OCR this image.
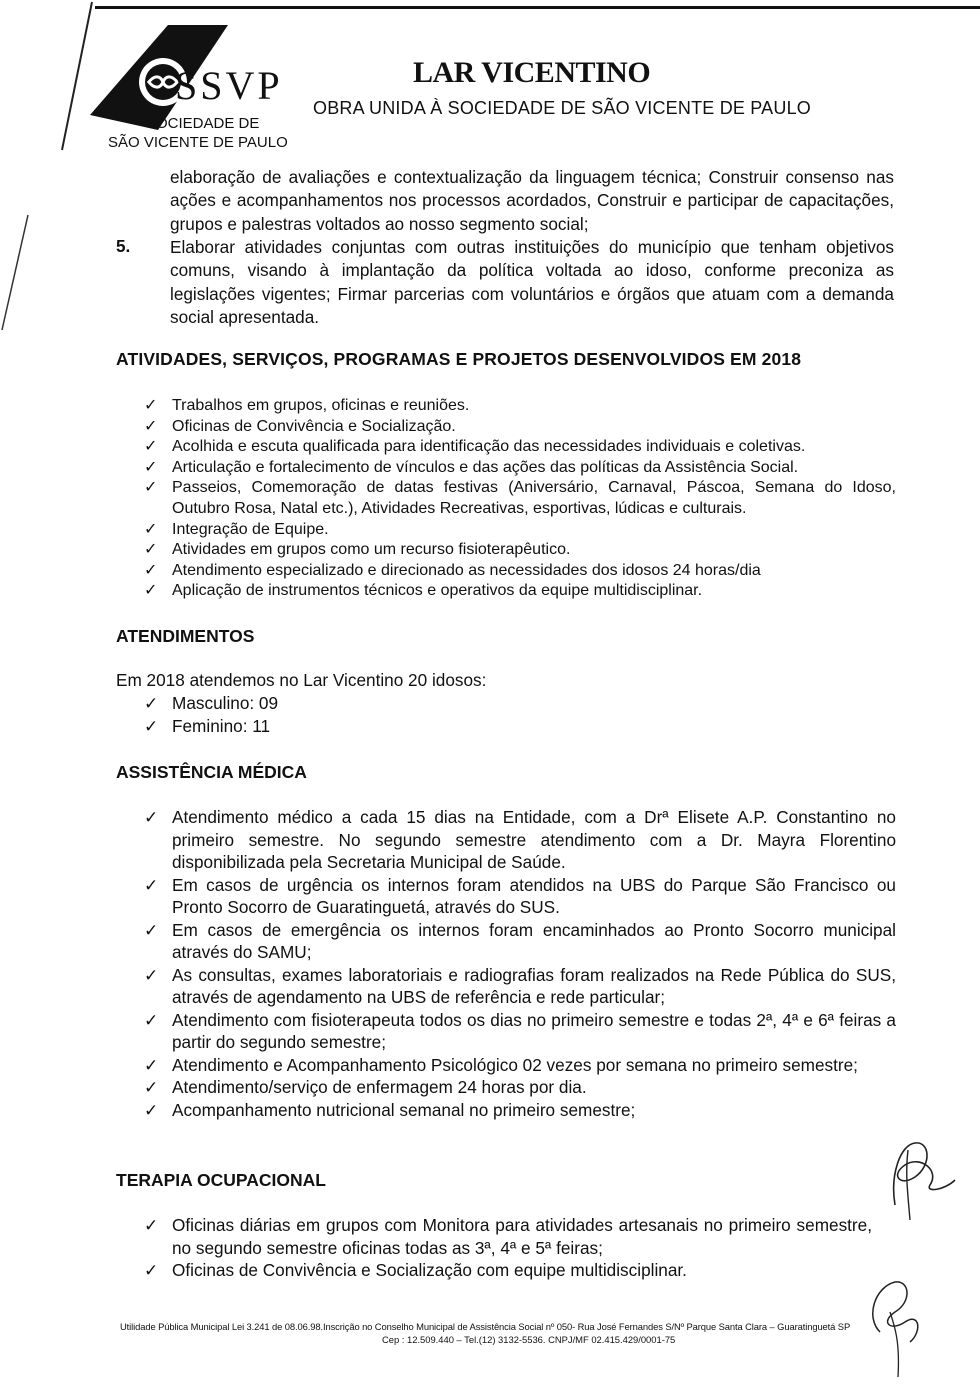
SSVP
SOCIEDADE DE
SÃO VICENTE DE PAULO
LAR VICENTINO
OBRA UNIDA À SOCIEDADE DE SÃO VICENTE DE PAULO
elaboração de avaliações e contextualização da linguagem técnica; Construir consenso nas ações e acompanhamentos nos processos acordados, Construir e participar de capacitações, grupos e palestras voltados ao nosso segmento social;
5. Elaborar atividades conjuntas com outras instituições do município que tenham objetivos comuns, visando à implantação da política voltada ao idoso, conforme preconiza as legislações vigentes; Firmar parcerias com voluntários e órgãos que atuam com a demanda social apresentada.
ATIVIDADES, SERVIÇOS, PROGRAMAS E PROJETOS DESENVOLVIDOS EM 2018
✓ Trabalhos em grupos, oficinas e reuniões.
✓ Oficinas de Convivência e Socialização.
✓ Acolhida e escuta qualificada para identificação das necessidades individuais e coletivas.
✓ Articulação e fortalecimento de vínculos e das ações das políticas da Assistência Social.
✓ Passeios, Comemoração de datas festivas (Aniversário, Carnaval, Páscoa, Semana do Idoso, Outubro Rosa, Natal etc.), Atividades Recreativas, esportivas, lúdicas e culturais.
✓ Integração de Equipe.
✓ Atividades em grupos como um recurso fisioterapêutico.
✓ Atendimento especializado e direcionado as necessidades dos idosos 24 horas/dia
✓ Aplicação de instrumentos técnicos e operativos da equipe multidisciplinar.
ATENDIMENTOS
Em 2018 atendemos no Lar Vicentino 20 idosos:
✓ Masculino: 09
✓ Feminino: 11
ASSISTÊNCIA MÉDICA
✓ Atendimento médico a cada 15 dias na Entidade, com a Drª Elisete A.P. Constantino no primeiro semestre. No segundo semestre atendimento com a Dr. Mayra Florentino disponibilizada pela Secretaria Municipal de Saúde.
✓ Em casos de urgência os internos foram atendidos na UBS do Parque São Francisco ou Pronto Socorro de Guaratinguetá, através do SUS.
✓ Em casos de emergência os internos foram encaminhados ao Pronto Socorro municipal através do SAMU;
✓ As consultas, exames laboratoriais e radiografias foram realizados na Rede Pública do SUS, através de agendamento na UBS de referência e rede particular;
✓ Atendimento com fisioterapeuta todos os dias no primeiro semestre e todas 2ª, 4ª e 6ª feiras a partir do segundo semestre;
✓ Atendimento e Acompanhamento Psicológico 02 vezes por semana no primeiro semestre;
✓ Atendimento/serviço de enfermagem 24 horas por dia.
✓ Acompanhamento nutricional semanal no primeiro semestre;
TERAPIA OCUPACIONAL
✓ Oficinas diárias em grupos com Monitora para atividades artesanais no primeiro semestre, no segundo semestre oficinas todas as 3ª, 4ª e 5ª feiras;
✓ Oficinas de Convivência e Socialização com equipe multidisciplinar.
Utilidade Pública Municipal Lei 3.241 de 08.06.98.Inscrição no Conselho Municipal de Assistência Social nº 050- Rua José Fernandes S/Nº Parque Santa Clara – Guaratinguetá SP
Cep : 12.509.440 – Tel.(12) 3132-5536. CNPJ/MF 02.415.429/0001-75
